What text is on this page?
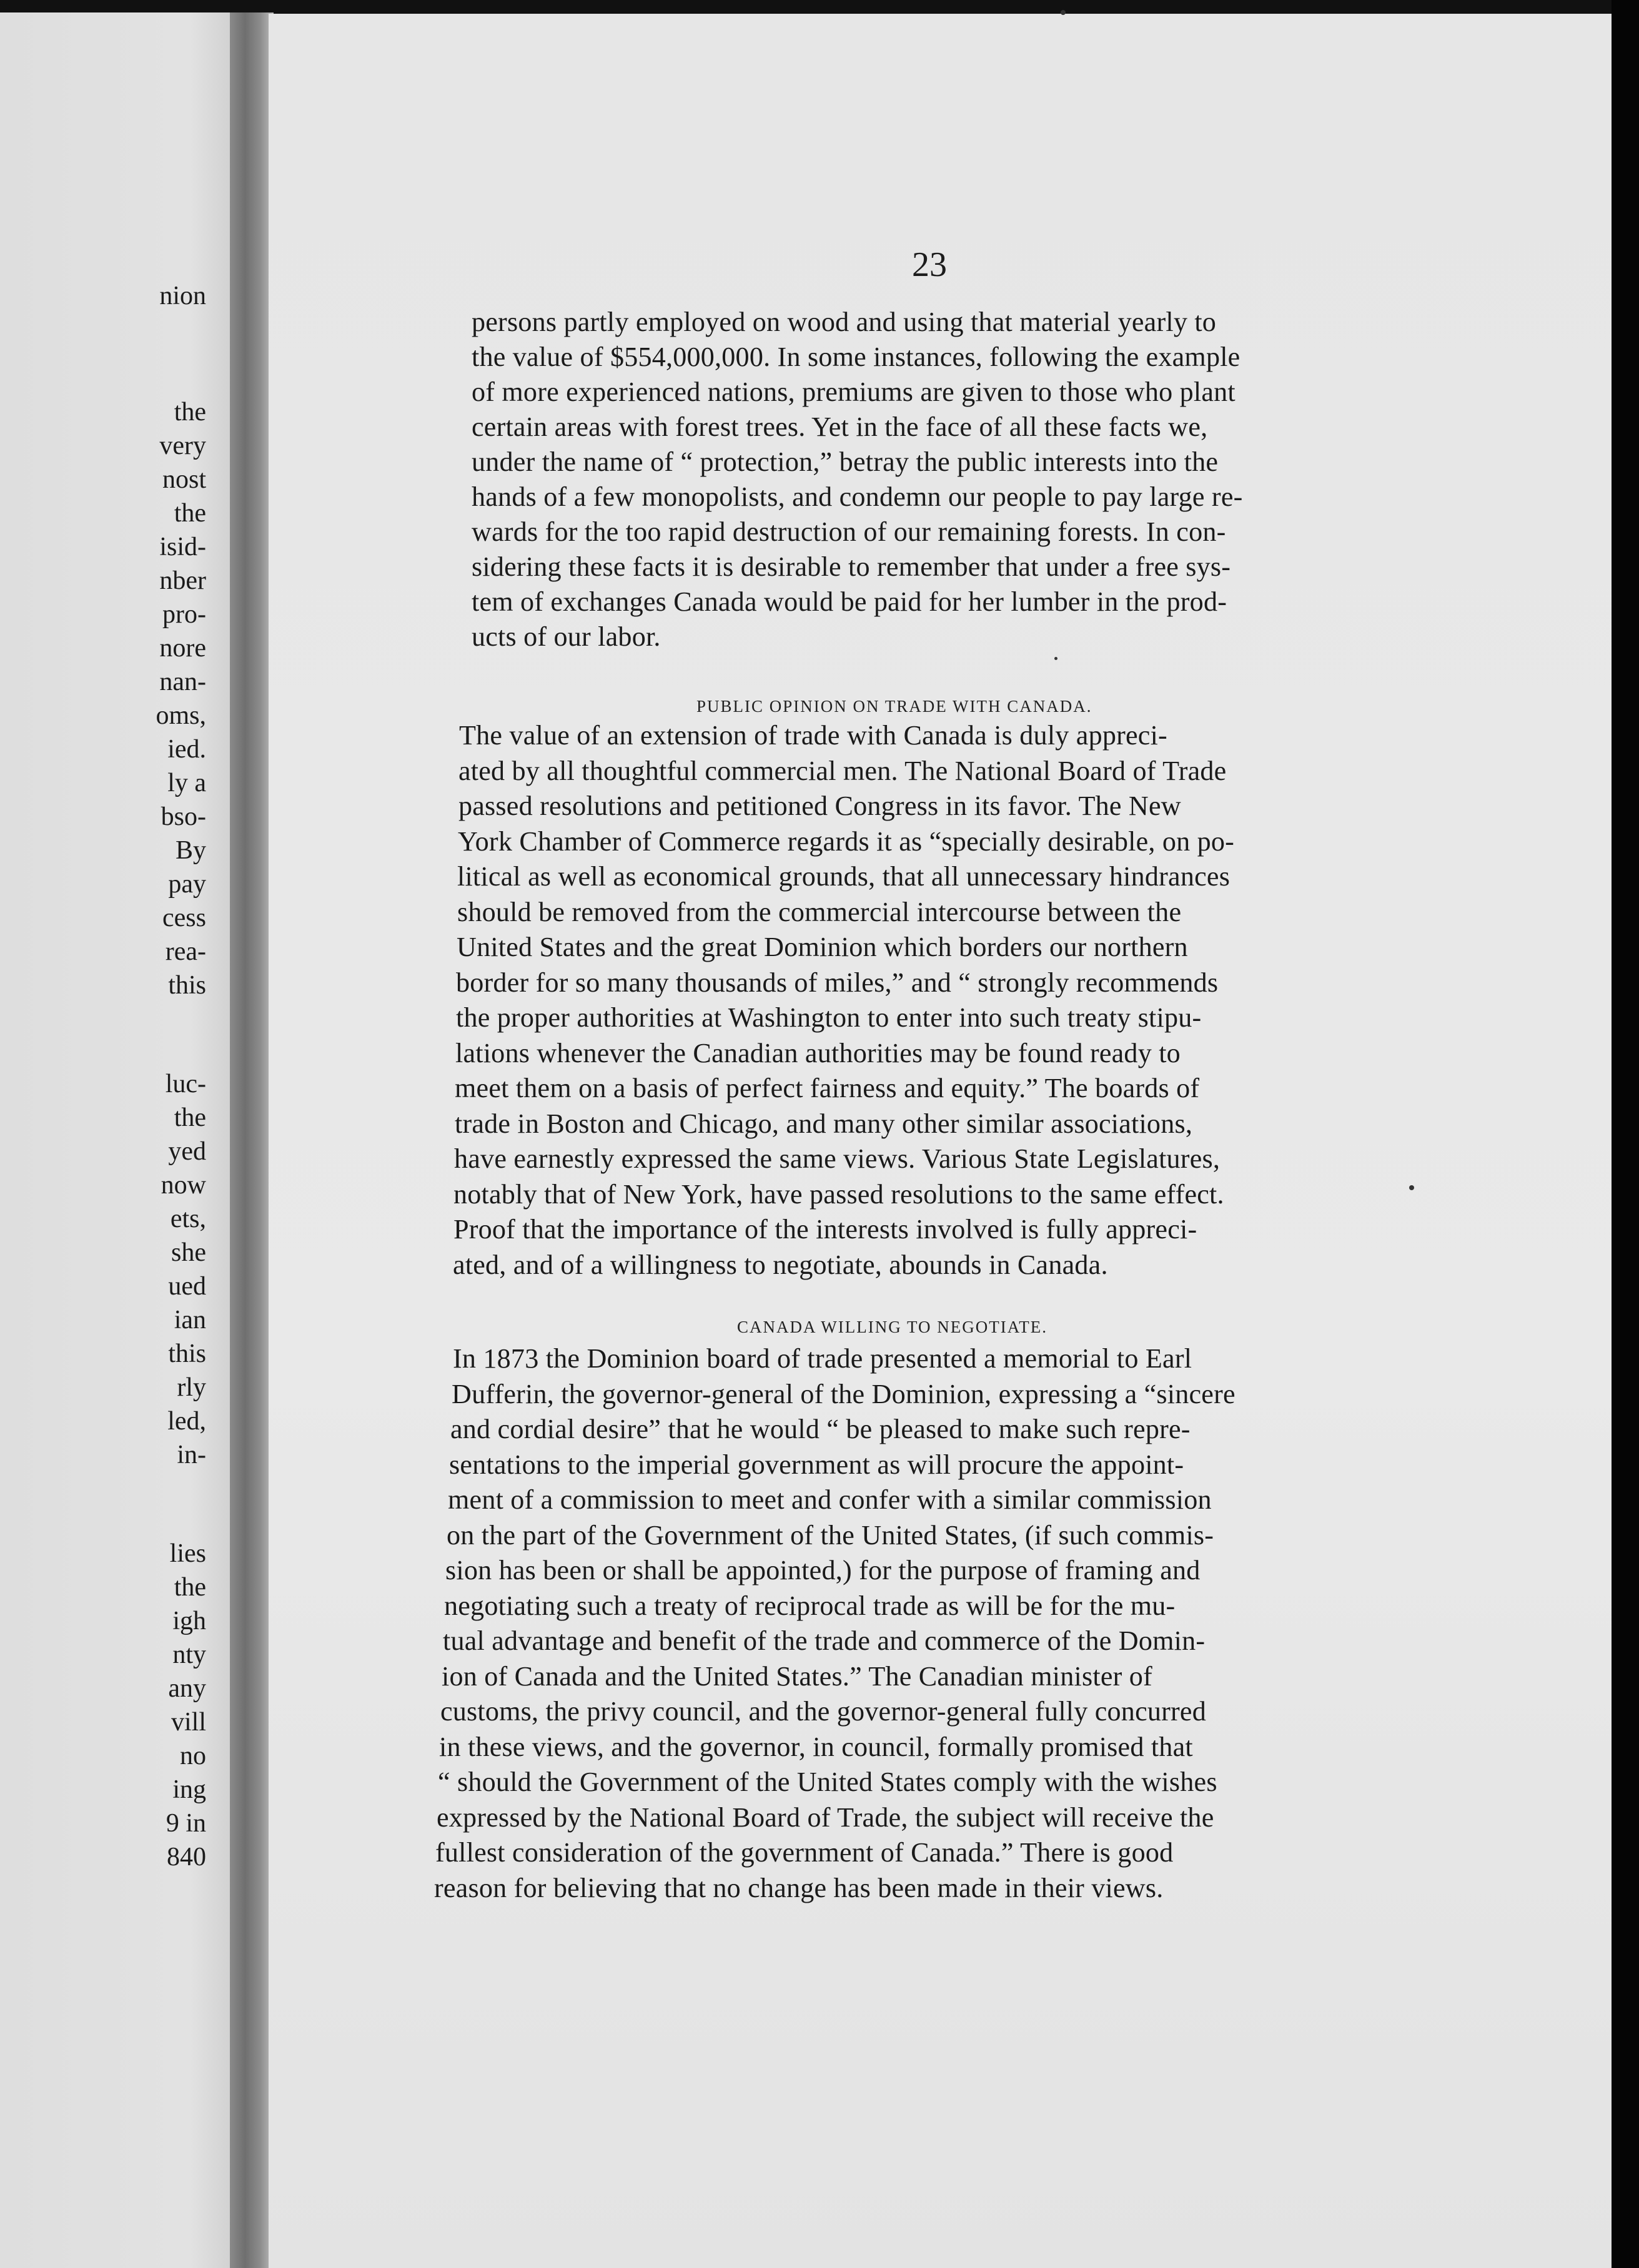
nion
the
very
nost
the
isid-
nber
pro-
nore
nan-
oms,
ied.
ly a
bso-
By
pay
cess
rea-
this
luc-
the
yed
now
ets,
she
ued
ian
this
rly
led,
in-
lies
the
igh
nty
any
vill
no
ing
9 in
840
23
persons partly employed on wood and using that material yearly to
the value of $554,000,000. In some instances, following the example
of more experienced nations, premiums are given to those who plant
certain areas with forest trees. Yet in the face of all these facts we,
under the name of “ protection,” betray the public interests into the
hands of a few monopolists, and condemn our people to pay large re-
wards for the too rapid destruction of our remaining forests. In con-
sidering these facts it is desirable to remember that under a free sys-
tem of exchanges Canada would be paid for her lumber in the prod-
ucts of our labor.
PUBLIC OPINION ON TRADE WITH CANADA.
The value of an extension of trade with Canada is duly appreci-
ated by all thoughtful commercial men. The National Board of Trade
passed resolutions and petitioned Congress in its favor. The New
York Chamber of Commerce regards it as “specially desirable, on po-
litical as well as economical grounds, that all unnecessary hindrances
should be removed from the commercial intercourse between the
United States and the great Dominion which borders our northern
border for so many thousands of miles,” and “ strongly recommends
the proper authorities at Washington to enter into such treaty stipu-
lations whenever the Canadian authorities may be found ready to
meet them on a basis of perfect fairness and equity.” The boards of
trade in Boston and Chicago, and many other similar associations,
have earnestly expressed the same views. Various State Legislatures,
notably that of New York, have passed resolutions to the same effect.
Proof that the importance of the interests involved is fully appreci-
ated, and of a willingness to negotiate, abounds in Canada.
CANADA WILLING TO NEGOTIATE.
In 1873 the Dominion board of trade presented a memorial to Earl
Dufferin, the governor-general of the Dominion, expressing a “sincere
and cordial desire” that he would “ be pleased to make such repre-
sentations to the imperial government as will procure the appoint-
ment of a commission to meet and confer with a similar commission
on the part of the Government of the United States, (if such commis-
sion has been or shall be appointed,) for the purpose of framing and
negotiating such a treaty of reciprocal trade as will be for the mu-
tual advantage and benefit of the trade and commerce of the Domin-
ion of Canada and the United States.” The Canadian minister of
customs, the privy council, and the governor-general fully concurred
in these views, and the governor, in council, formally promised that
“ should the Government of the United States comply with the wishes
expressed by the National Board of Trade, the subject will receive the
fullest consideration of the government of Canada.” There is good
reason for believing that no change has been made in their views.
